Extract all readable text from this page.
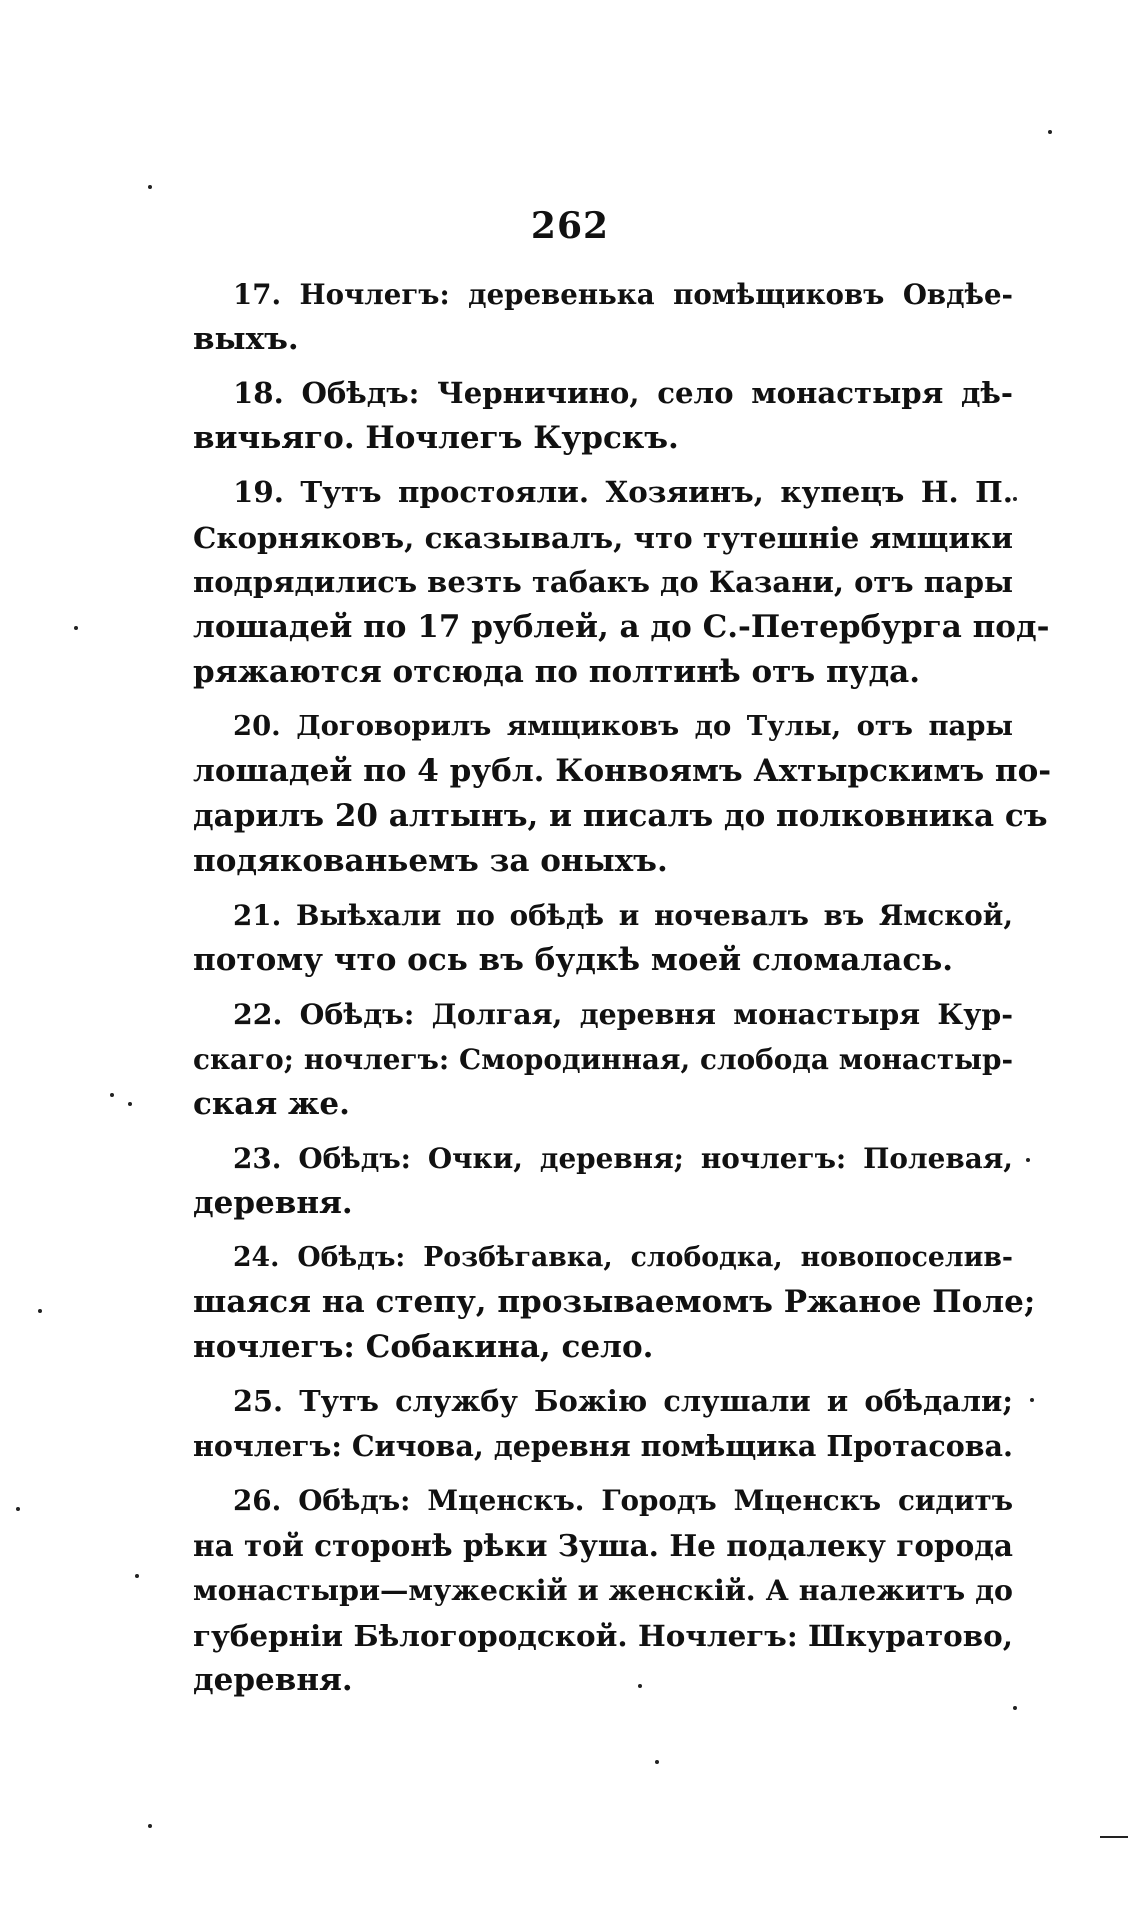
262
17. Ночлегъ: деревенька помѣщиковъ Овдѣе-
выхъ.
18. Обѣдъ: Черничино, село монастыря дѣ-
вичьяго. Ночлегъ Курскъ.
19. Тутъ простояли. Хозяинъ, купецъ Н. П.
Скорняковъ, сказывалъ, что тутешніе ямщики
подрядилисъ везть табакъ до Казани, отъ пары
лошадей по 17 рублей, а до С.-Петербурга под-
ряжаются отсюда по полтинѣ отъ пуда.
20. Договорилъ ямщиковъ до Тулы, отъ пары
лошадей по 4 рубл. Конвоямъ Ахтырскимъ по-
дарилъ 20 алтынъ, и писалъ до полковника съ
подякованьемъ за оныхъ.
21. Выѣхали по обѣдѣ и ночевалъ въ Ямской,
потому что ось въ будкѣ моей сломалась.
22. Обѣдъ: Долгая, деревня монастыря Кур-
скаго; ночлегъ: Смородинная, слобода монастыр-
ская же.
23. Обѣдъ: Очки, деревня; ночлегъ: Полевая,
деревня.
24. Обѣдъ: Розбѣгавка, слободка, новопоселив-
шаяся на степу, прозываемомъ Ржаное Поле;
ночлегъ: Собакина, село.
25. Тутъ службу Божію слушали и обѣдали;
ночлегъ: Сичова, деревня помѣщика Протасова.
26. Обѣдъ: Мценскъ. Городъ Мценскъ сидитъ
на той сторонѣ рѣки Зуша. Не подалеку города
монастыри—мужескій и женскій. А належитъ до
губерніи Бѣлогородской. Ночлегъ: Шкуратово,
деревня.
